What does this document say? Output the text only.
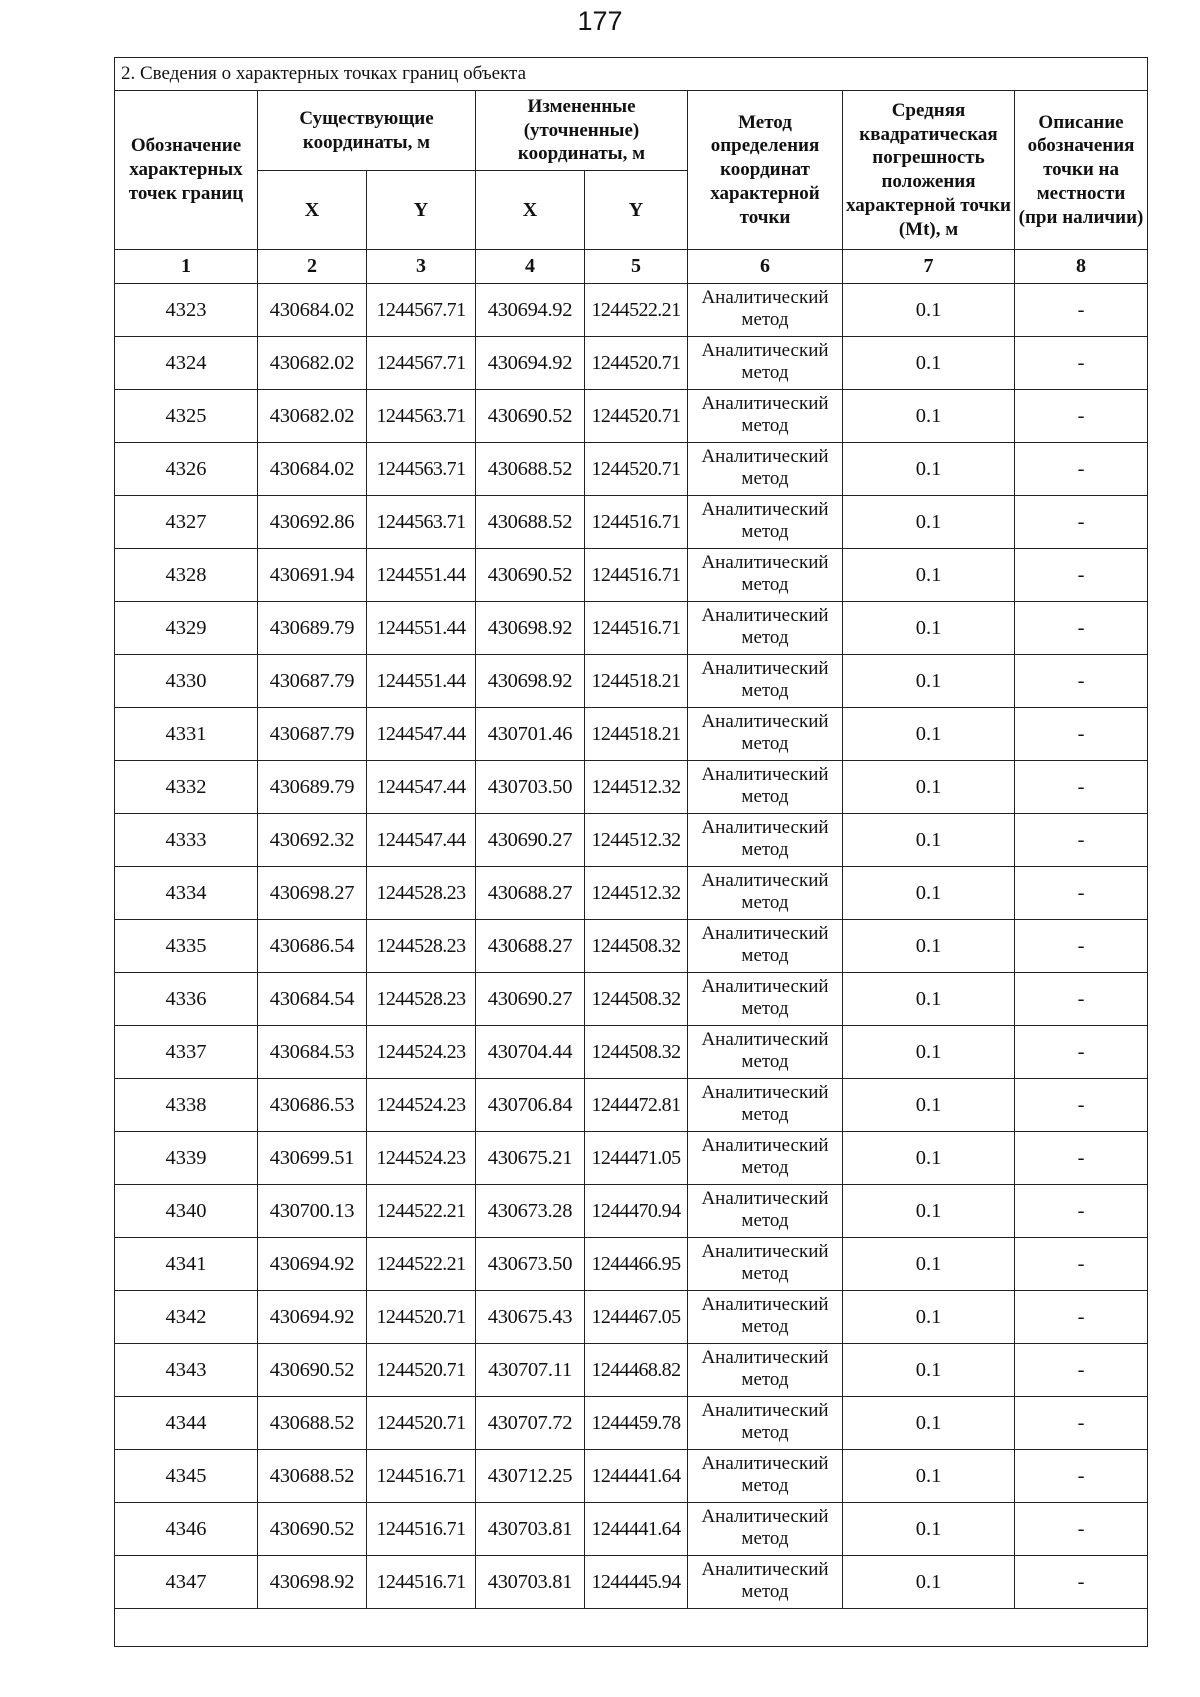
177
2. Сведения о характерных точках границ объекта							
Обозначение характерных точек границ	Существующие координаты, м		Измененные (уточненные) координаты, м		Метод определения координат характерной точки	Средняя квадратическая погрешность положения характерной точки (Mt), м	Описание обозначения точки на местности (при наличии)
	X	Y	X	Y			
1	2	3	4	5	6	7	8
4323	430684.02	1244567.71	430694.92	1244522.21	Аналитический метод	0.1	-
4324	430682.02	1244567.71	430694.92	1244520.71	Аналитический метод	0.1	-
4325	430682.02	1244563.71	430690.52	1244520.71	Аналитический метод	0.1	-
4326	430684.02	1244563.71	430688.52	1244520.71	Аналитический метод	0.1	-
4327	430692.86	1244563.71	430688.52	1244516.71	Аналитический метод	0.1	-
4328	430691.94	1244551.44	430690.52	1244516.71	Аналитический метод	0.1	-
4329	430689.79	1244551.44	430698.92	1244516.71	Аналитический метод	0.1	-
4330	430687.79	1244551.44	430698.92	1244518.21	Аналитический метод	0.1	-
4331	430687.79	1244547.44	430701.46	1244518.21	Аналитический метод	0.1	-
4332	430689.79	1244547.44	430703.50	1244512.32	Аналитический метод	0.1	-
4333	430692.32	1244547.44	430690.27	1244512.32	Аналитический метод	0.1	-
4334	430698.27	1244528.23	430688.27	1244512.32	Аналитический метод	0.1	-
4335	430686.54	1244528.23	430688.27	1244508.32	Аналитический метод	0.1	-
4336	430684.54	1244528.23	430690.27	1244508.32	Аналитический метод	0.1	-
4337	430684.53	1244524.23	430704.44	1244508.32	Аналитический метод	0.1	-
4338	430686.53	1244524.23	430706.84	1244472.81	Аналитический метод	0.1	-
4339	430699.51	1244524.23	430675.21	1244471.05	Аналитический метод	0.1	-
4340	430700.13	1244522.21	430673.28	1244470.94	Аналитический метод	0.1	-
4341	430694.92	1244522.21	430673.50	1244466.95	Аналитический метод	0.1	-
4342	430694.92	1244520.71	430675.43	1244467.05	Аналитический метод	0.1	-
4343	430690.52	1244520.71	430707.11	1244468.82	Аналитический метод	0.1	-
4344	430688.52	1244520.71	430707.72	1244459.78	Аналитический метод	0.1	-
4345	430688.52	1244516.71	430712.25	1244441.64	Аналитический метод	0.1	-
4346	430690.52	1244516.71	430703.81	1244441.64	Аналитический метод	0.1	-
4347	430698.92	1244516.71	430703.81	1244445.94	Аналитический метод	0.1	-
